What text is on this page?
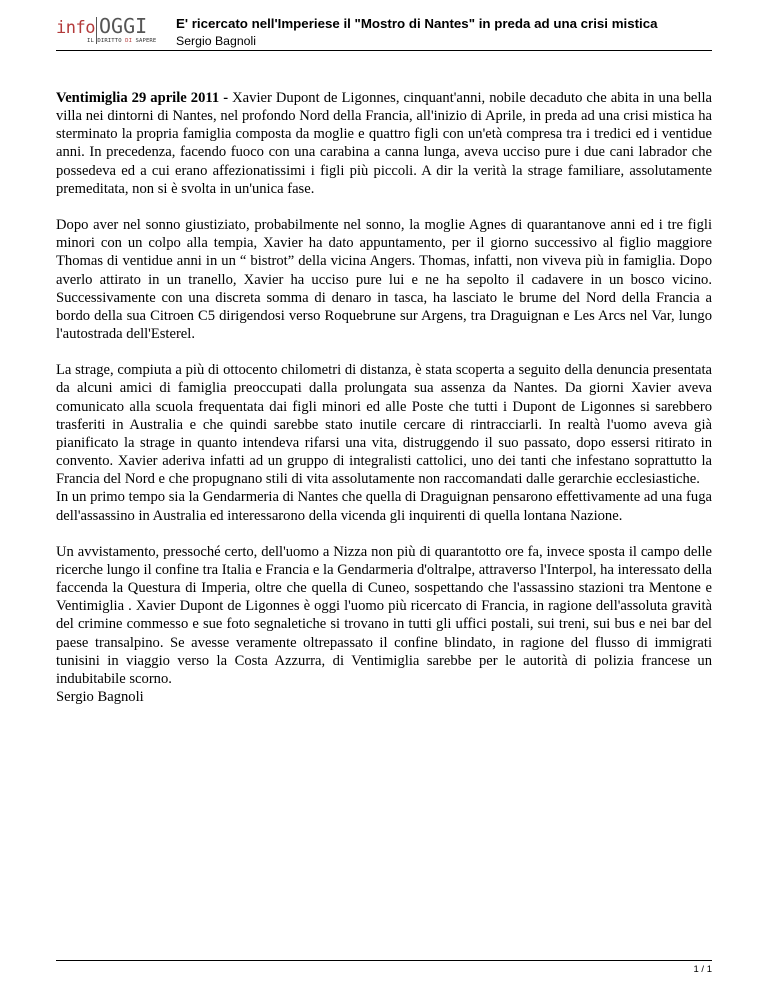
info OGGI
IL DIRITTO DI SAPERE
E' ricercato nell'Imperiese il "Mostro di Nantes" in preda ad una crisi mistica
Sergio Bagnoli

Ventimiglia 29 aprile 2011 - Xavier Dupont de Ligonnes, cinquant'anni, nobile decaduto che abita in una bella villa nei dintorni di Nantes, nel profondo Nord della Francia, all'inizio di Aprile, in preda ad una crisi mistica ha sterminato la propria famiglia composta da moglie e quattro figli con un'età compresa tra i tredici ed i ventidue anni. In precedenza, facendo fuoco con una carabina a canna lunga, aveva ucciso pure i due cani labrador che possedeva ed a cui erano affezionatissimi i figli più piccoli. A dir la verità la strage familiare, assolutamente premeditata, non si è svolta in un'unica fase.

Dopo aver nel sonno giustiziato, probabilmente nel sonno, la moglie Agnes di quarantanove anni ed i tre figli minori con un colpo alla tempia, Xavier ha dato appuntamento, per il giorno successivo al figlio maggiore Thomas di ventidue anni in un “ bistrot” della vicina Angers. Thomas, infatti, non viveva più in famiglia. Dopo averlo attirato in un tranello, Xavier ha ucciso pure lui e ne ha sepolto il cadavere in un bosco vicino. Successivamente con una discreta somma di denaro in tasca, ha lasciato le brume del Nord della Francia a bordo della sua Citroen C5 dirigendosi verso Roquebrune sur Argens, tra Draguignan e Les Arcs nel Var, lungo l'autostrada dell'Esterel.

La strage, compiuta a più di ottocento chilometri di distanza, è stata scoperta a seguito della denuncia presentata da alcuni amici di famiglia preoccupati dalla prolungata sua assenza da Nantes. Da giorni Xavier aveva comunicato alla scuola frequentata dai figli minori ed alle Poste che tutti i Dupont de Ligonnes si sarebbero trasferiti in Australia e che quindi sarebbe stato inutile cercare di rintracciarli. In realtà l'uomo aveva già pianificato la strage in quanto intendeva rifarsi una vita, distruggendo il suo passato, dopo essersi ritirato in convento. Xavier aderiva infatti ad un gruppo di integralisti cattolici, uno dei tanti che infestano soprattutto la Francia del Nord e che propugnano stili di vita assolutamente non raccomandati dalle gerarchie ecclesiastiche.

In un primo tempo sia la Gendarmeria di Nantes che quella di Draguignan pensarono effettivamente ad una fuga dell'assassino in Australia ed interessarono della vicenda gli inquirenti di quella lontana Nazione.

Un avvistamento, pressoché certo, dell'uomo a Nizza non più di quarantotto ore fa, invece sposta il campo delle ricerche lungo il confine tra Italia e Francia e la Gendarmeria d'oltralpe, attraverso l'Interpol, ha interessato della faccenda la Questura di Imperia, oltre che quella di Cuneo, sospettando che l'assassino stazioni tra Mentone e Ventimiglia . Xavier Dupont de Ligonnes è oggi l'uomo più ricercato di Francia, in ragione dell'assoluta gravità del crimine commesso e sue foto segnaletiche si trovano in tutti gli uffici postali, sui treni, sui bus e nei bar del paese transalpino. Se avesse veramente oltrepassato il confine blindato, in ragione del flusso di immigrati tunisini in viaggio verso la Costa Azzurra, di Ventimiglia sarebbe per le autorità di polizia francese un indubitabile scorno.

Sergio Bagnoli

1 / 1
